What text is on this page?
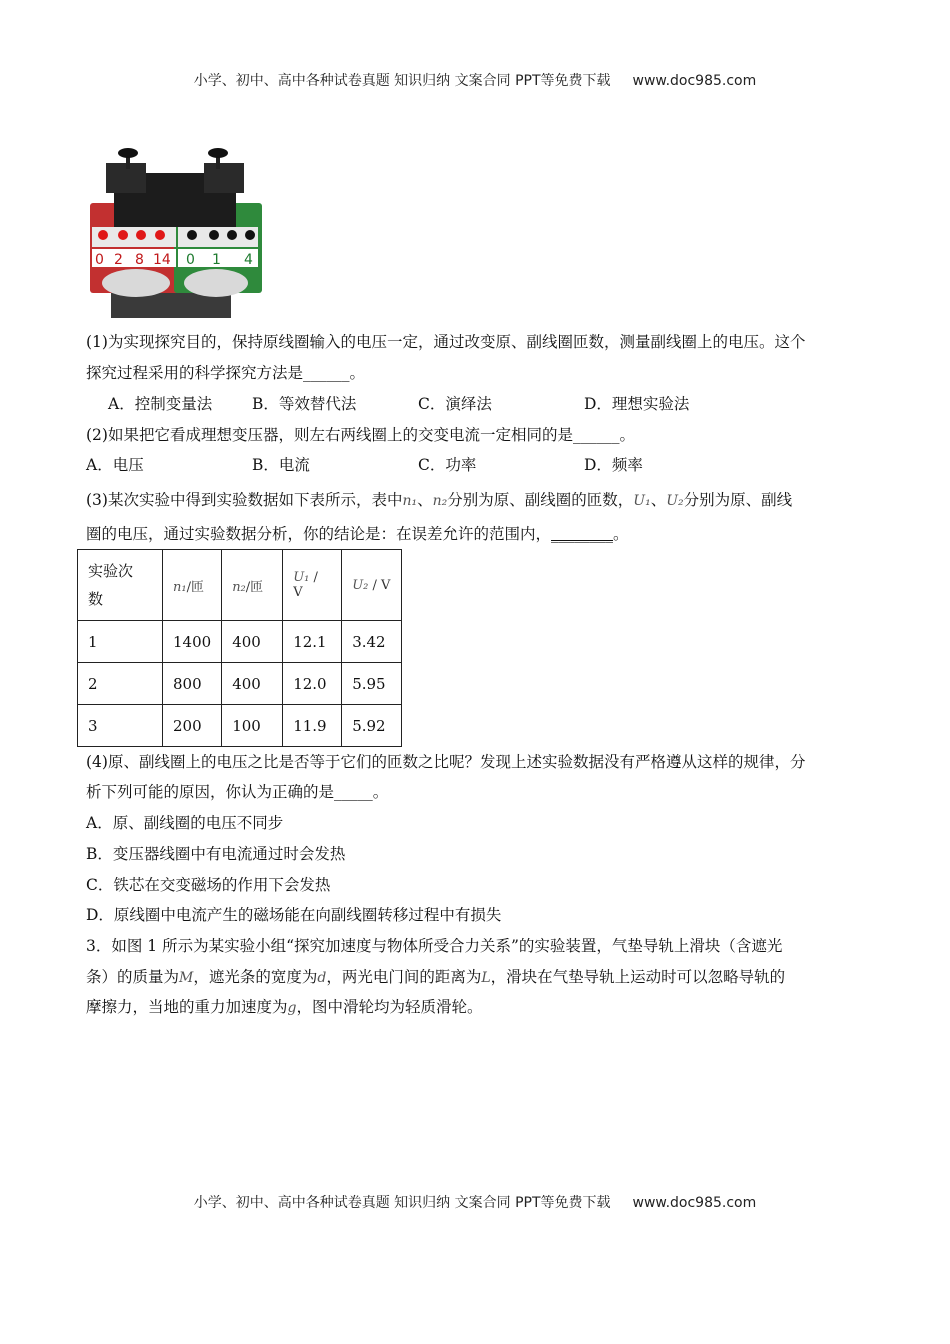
小学、初中、高中各种试卷真题 知识归纳 文案合同 PPT等免费下载 www.doc985.com
0 2 8 14 0 1 4
(1)为实现探究目的，保持原线圈输入的电压一定，通过改变原、副线圈匝数，测量副线圈上的电压。这个
探究过程采用的科学探究方法是______。
A．控制变量法	B．等效替代法	C．演绎法	D．理想实验法
(2)如果把它看成理想变压器，则左右两线圈上的交变电流一定相同的是______。
A．电压	B．电流	C．功率	D．频率
(3)某次实验中得到实验数据如下表所示，表中n₁、n₂分别为原、副线圈的匝数，U₁、U₂分别为原、副线
圈的电压，通过实验数据分析，你的结论是：在误差允许的范围内，________。
实验次
数	n₁/匝	n₂/匝	U₁ / V	U₂ / V
1	1400	400	12.1	3.42
2	800	400	12.0	5.95
3	200	100	11.9	5.92
(4)原、副线圈上的电压之比是否等于它们的匝数之比呢？发现上述实验数据没有严格遵从这样的规律，分
析下列可能的原因，你认为正确的是_____。
A．原、副线圈的电压不同步
B．变压器线圈中有电流通过时会发热
C．铁芯在交变磁场的作用下会发热
D．原线圈中电流产生的磁场能在向副线圈转移过程中有损失
3．如图 1 所示为某实验小组“探究加速度与物体所受合力关系”的实验装置，气垫导轨上滑块（含遮光
条）的质量为M，遮光条的宽度为d，两光电门间的距离为L，滑块在气垫导轨上运动时可以忽略导轨的
摩擦力，当地的重力加速度为g，图中滑轮均为轻质滑轮。
小学、初中、高中各种试卷真题 知识归纳 文案合同 PPT等免费下载 www.doc985.com
